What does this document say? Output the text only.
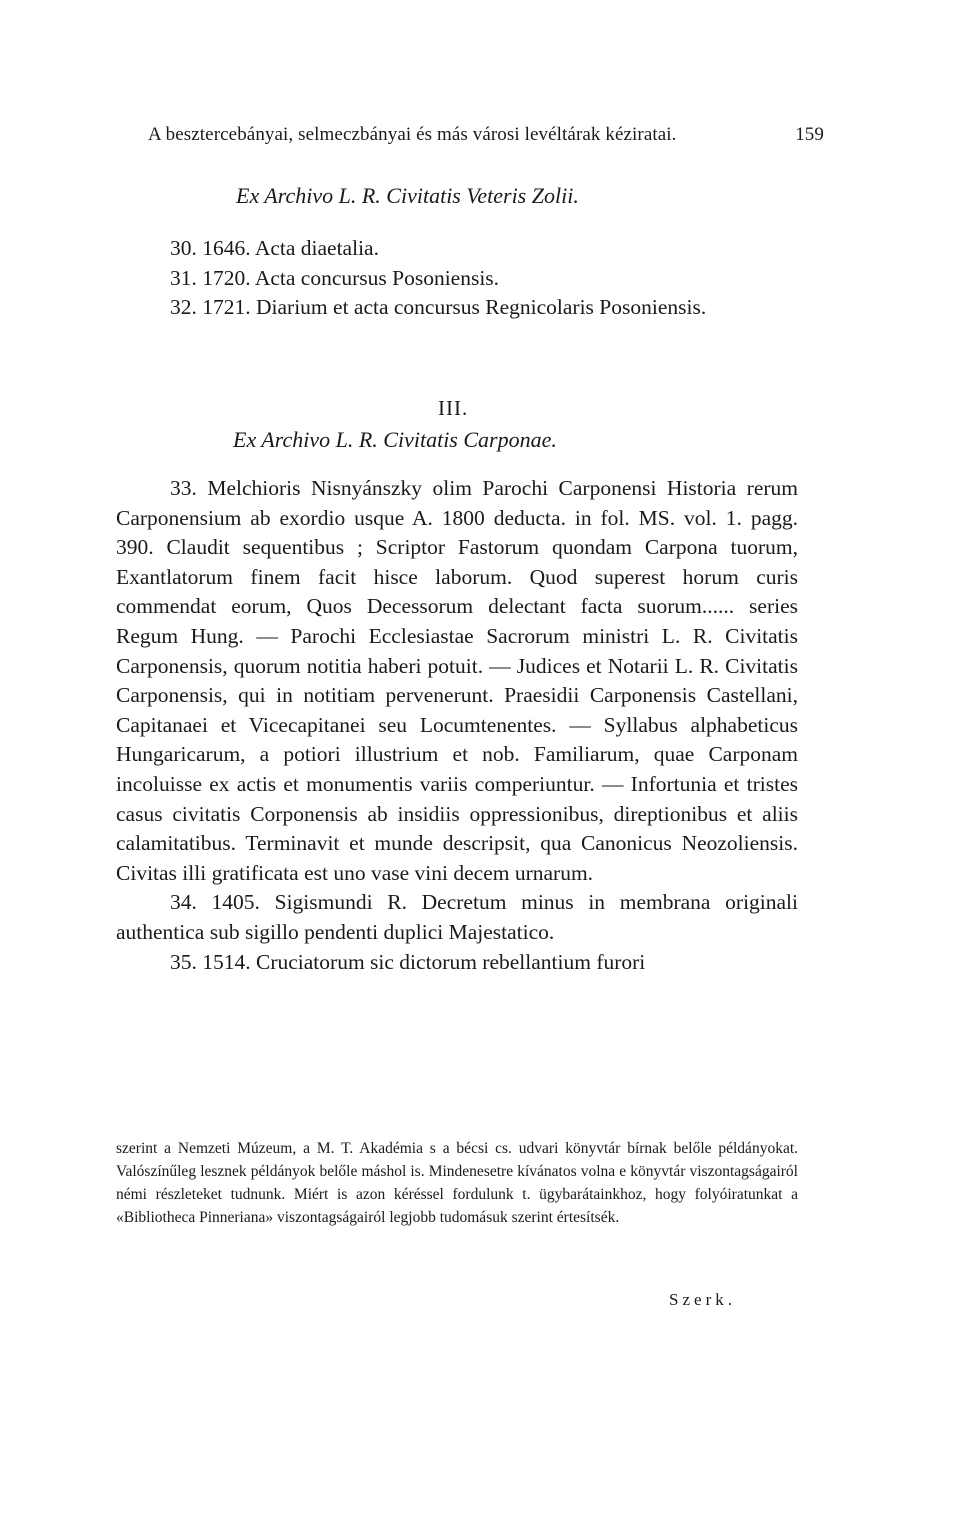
A besztercebányai, selmeczbányai és más városi levéltárak kéziratai.	159
Ex Archivo L. R. Civitatis Veteris Zolii.

30. 1646. Acta diaetalia.

31. 1720. Acta concursus Posoniensis.

32. 1721. Diarium et acta concursus Regnicolaris Posoniensis.

III.
Ex Archivo L. R. Civitatis Carponae.

33. Melchioris Nisnyánszky olim Parochi Carponensi Historia rerum Carponensium ab exordio usque A. 1800 deducta. in fol. MS. vol. 1. pagg. 390. Claudit sequentibus ; Scriptor Fastorum quondam Carpona tuorum, Exantlatorum finem facit hisce laborum. Quod superest horum curis commendat eorum, Quos Decessorum delectant facta suorum...... series Regum Hung. — Parochi Ecclesiastae Sacrorum ministri L. R. Civitatis Carponensis, quorum notitia haberi potuit. — Judices et Notarii L. R. Civitatis Carponensis, qui in notitiam pervenerunt. Praesidii Carponensis Castellani, Capitanaei et Vicecapitanei seu Locumtenentes. — Syllabus alphabeticus Hungaricarum, a potiori illustrium et nob. Familiarum, quae Carponam incoluisse ex actis et monumentis variis comperiuntur. — Infortunia et tristes casus civitatis Corponensis ab insidiis oppressionibus, direptionibus et aliis calamitatibus. Terminavit et munde descripsit, qua Canonicus Neozoliensis. Civitas illi gratificata est uno vase vini decem urnarum.

34. 1405. Sigismundi R. Decretum minus in membrana originali authentica sub sigillo pendenti duplici Majestatico.

35. 1514. Cruciatorum sic dictorum rebellantium furori

szerint a Nemzeti Múzeum, a M. T. Akadémia s a bécsi cs. udvari könyvtár bírnak belőle példányokat. Valószínűleg lesznek példányok belőle máshol is. Mindenesetre kívánatos volna e könyvtár viszontagságairól némi részleteket tudnunk. Miért is azon kéréssel fordulunk t. ügybarátainkhoz, hogy folyóiratunkat a «Bibliotheca Pinneriana» viszontagságairól legjobb tudomásuk szerint értesítsék.

Szerk.
